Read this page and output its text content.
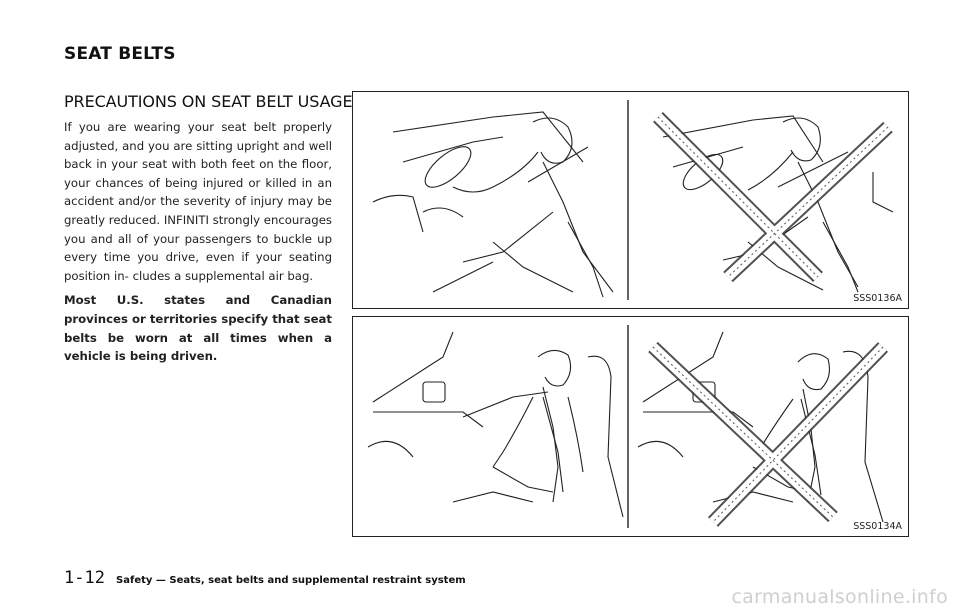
SEAT BELTS
PRECAUTIONS ON SEAT BELT USAGE

If you are wearing your seat belt properly adjusted, and you are sitting upright and well back in your seat with both feet on the floor, your chances of being injured or killed in an accident and/or the severity of injury may be greatly reduced. INFINITI strongly encourages you and all of your passengers to buckle up every time you drive, even if your seating position in- cludes a supplemental air bag.

Most U.S. states and Canadian provinces or territories specify that seat belts be worn at all times when a vehicle is being driven.

SSS0136A
SSS0134A
1-12 Safety — Seats, seat belts and supplemental restraint system
carmanualsonline.info
